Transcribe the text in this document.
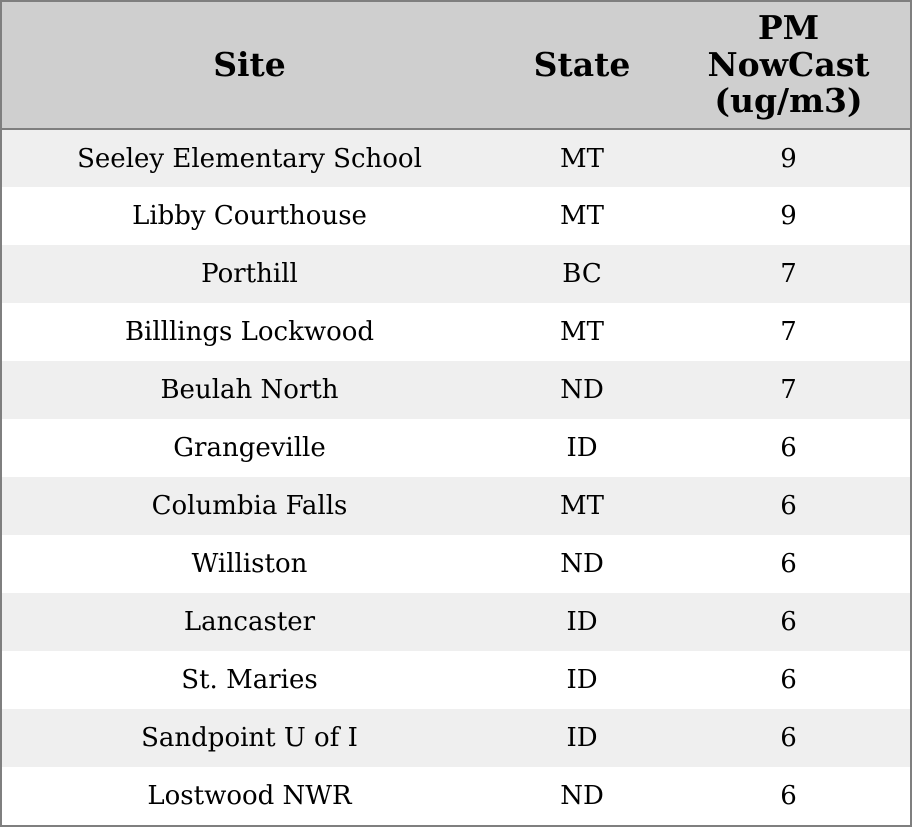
Site	State	PM
NowCast
(ug/m3)
Seeley Elementary School	MT	9
Libby Courthouse	MT	9
Porthill	BC	7
Billlings Lockwood	MT	7
Beulah North	ND	7
Grangeville	ID	6
Columbia Falls	MT	6
Williston	ND	6
Lancaster	ID	6
St. Maries	ID	6
Sandpoint U of I	ID	6
Lostwood NWR	ND	6
